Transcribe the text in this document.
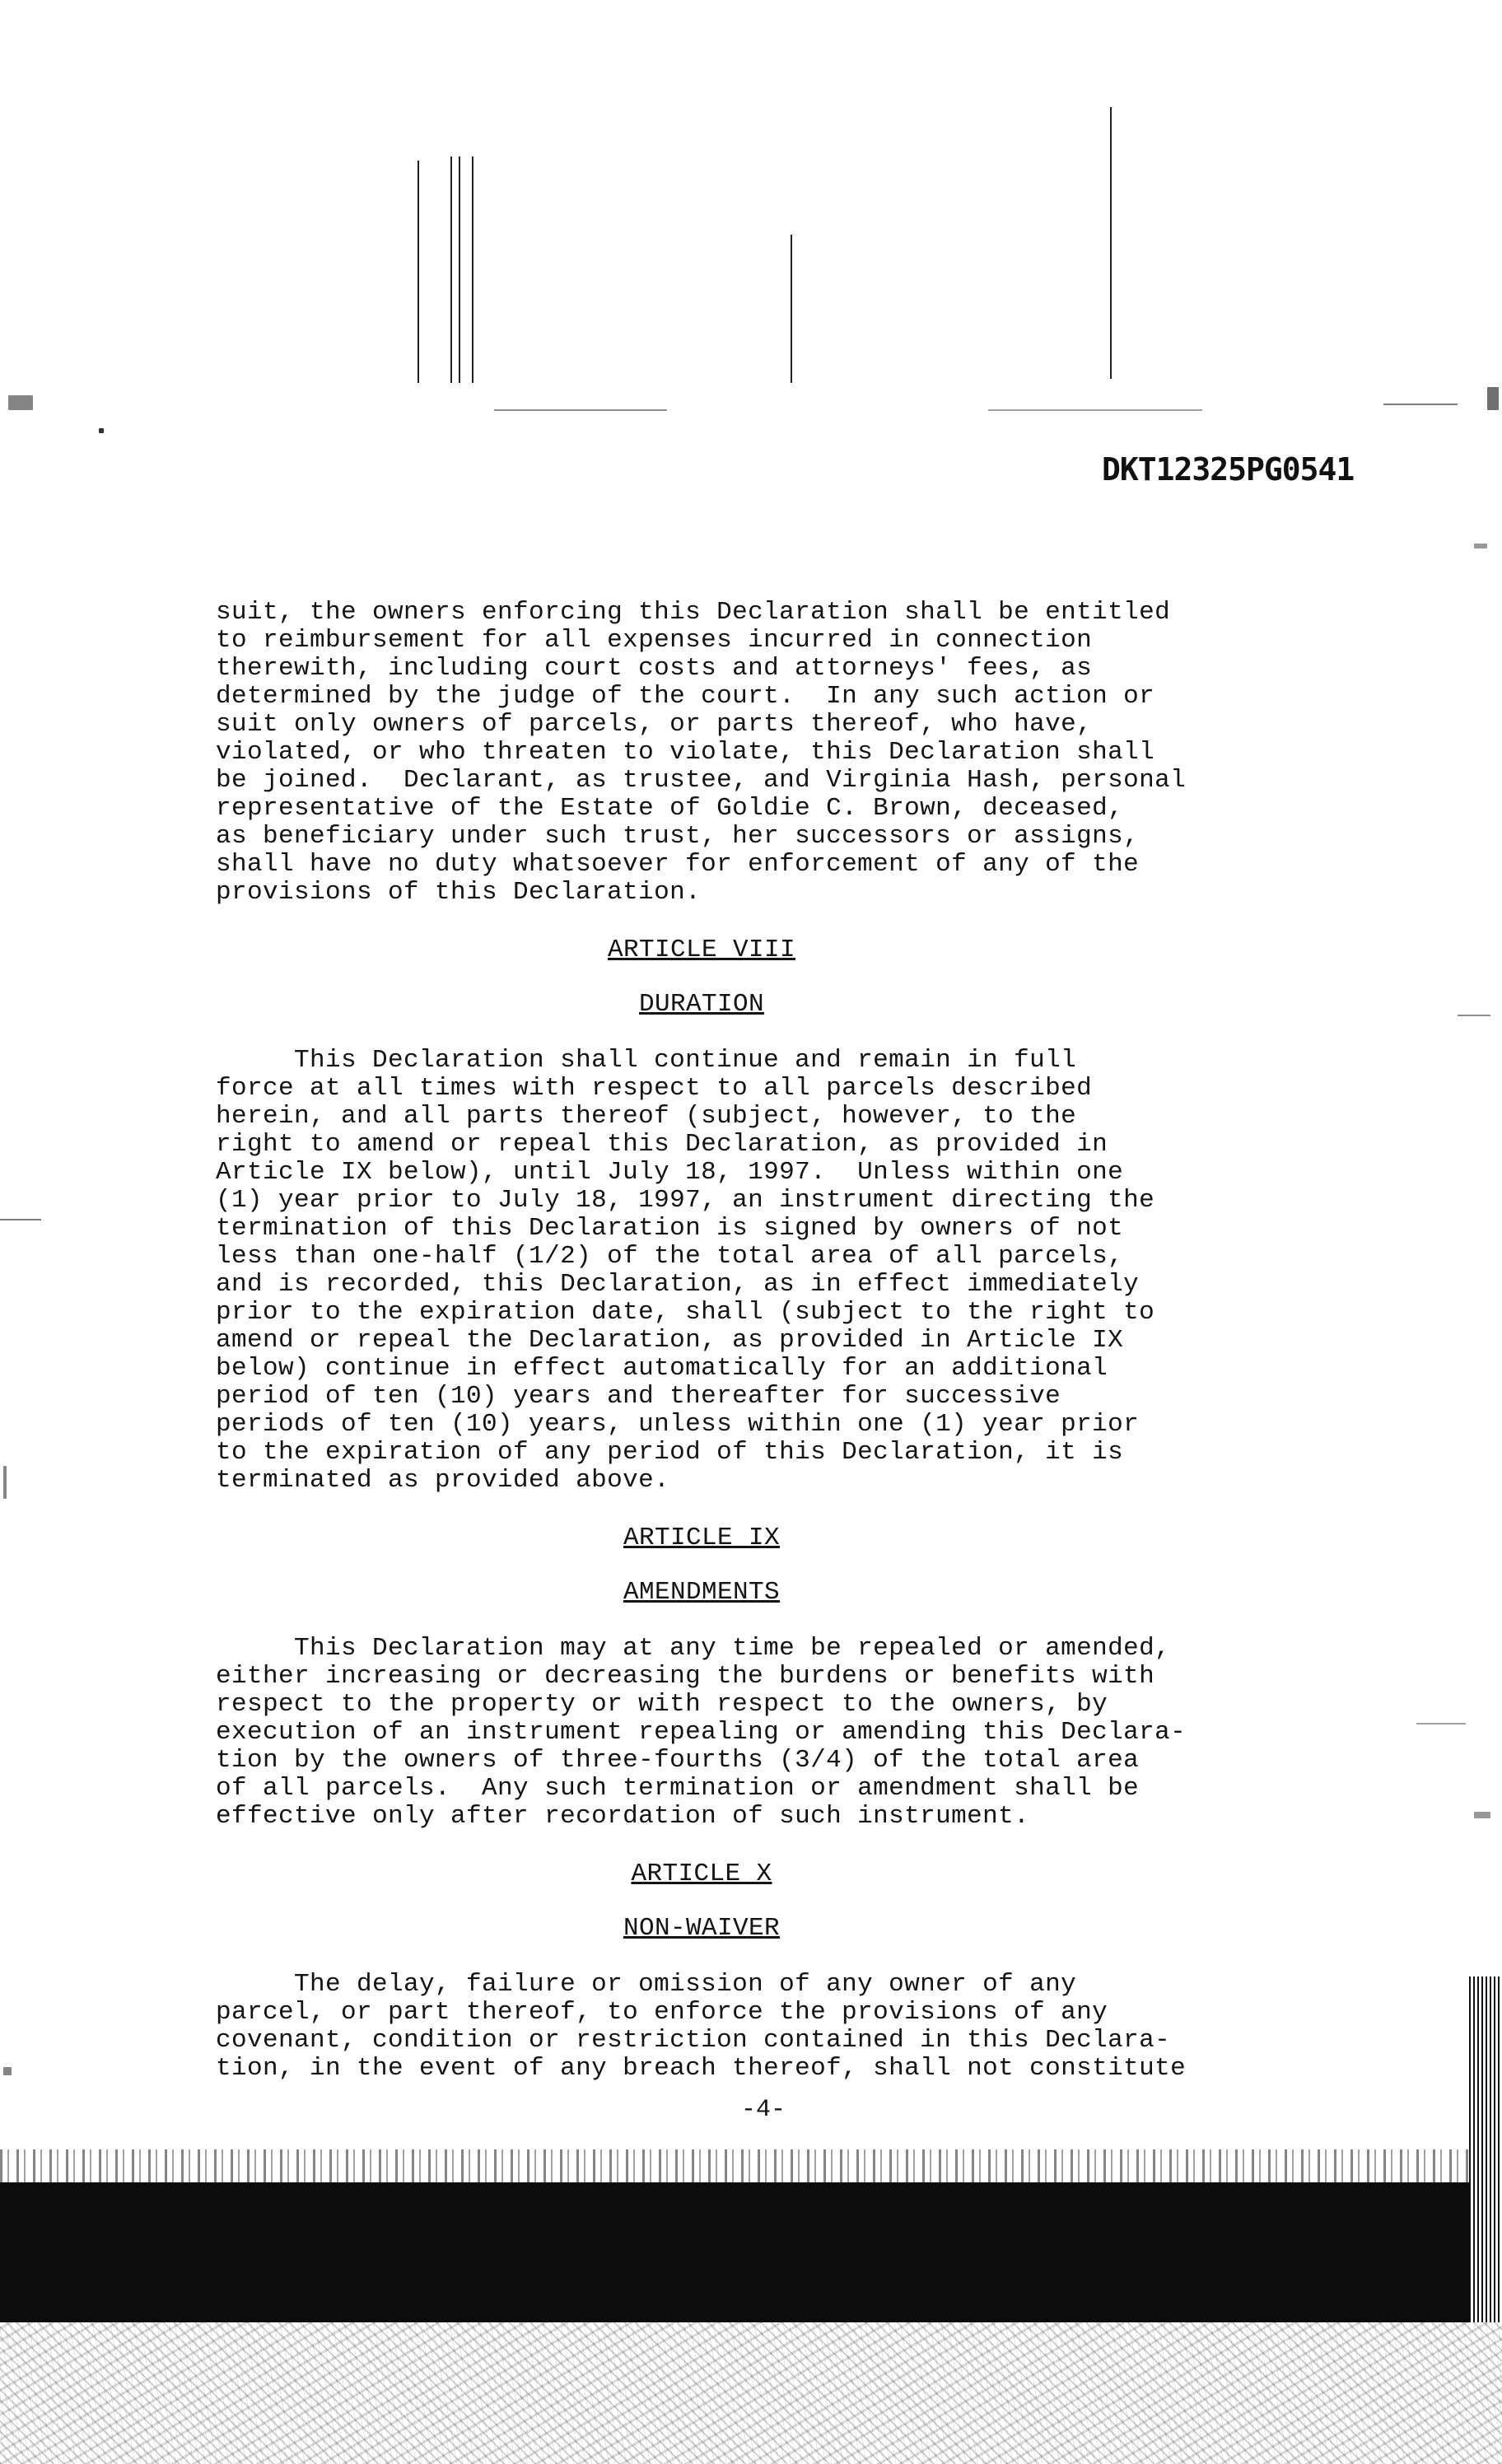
DKT12325PG0541

suit, the owners enforcing this Declaration shall be entitled
to reimbursement for all expenses incurred in connection
therewith, including court costs and attorneys' fees, as
determined by the judge of the court.  In any such action or
suit only owners of parcels, or parts thereof, who have,
violated, or who threaten to violate, this Declaration shall
be joined.  Declarant, as trustee, and Virginia Hash, personal
representative of the Estate of Goldie C. Brown, deceased,
as beneficiary under such trust, her successors or assigns,
shall have no duty whatsoever for enforcement of any of the
provisions of this Declaration.

ARTICLE VIII

DURATION

This Declaration shall continue and remain in full
force at all times with respect to all parcels described
herein, and all parts thereof (subject, however, to the
right to amend or repeal this Declaration, as provided in
Article IX below), until July 18, 1997.  Unless within one
(1) year prior to July 18, 1997, an instrument directing the
termination of this Declaration is signed by owners of not
less than one-half (1/2) of the total area of all parcels,
and is recorded, this Declaration, as in effect immediately
prior to the expiration date, shall (subject to the right to
amend or repeal the Declaration, as provided in Article IX
below) continue in effect automatically for an additional
period of ten (10) years and thereafter for successive
periods of ten (10) years, unless within one (1) year prior
to the expiration of any period of this Declaration, it is
terminated as provided above.

ARTICLE IX

AMENDMENTS

This Declaration may at any time be repealed or amended,
either increasing or decreasing the burdens or benefits with
respect to the property or with respect to the owners, by
execution of an instrument repealing or amending this Declara-
tion by the owners of three-fourths (3/4) of the total area
of all parcels.  Any such termination or amendment shall be
effective only after recordation of such instrument.

ARTICLE X

NON-WAIVER

The delay, failure or omission of any owner of any
parcel, or part thereof, to enforce the provisions of any
covenant, condition or restriction contained in this Declara-
tion, in the event of any breach thereof, shall not constitute

-4-
